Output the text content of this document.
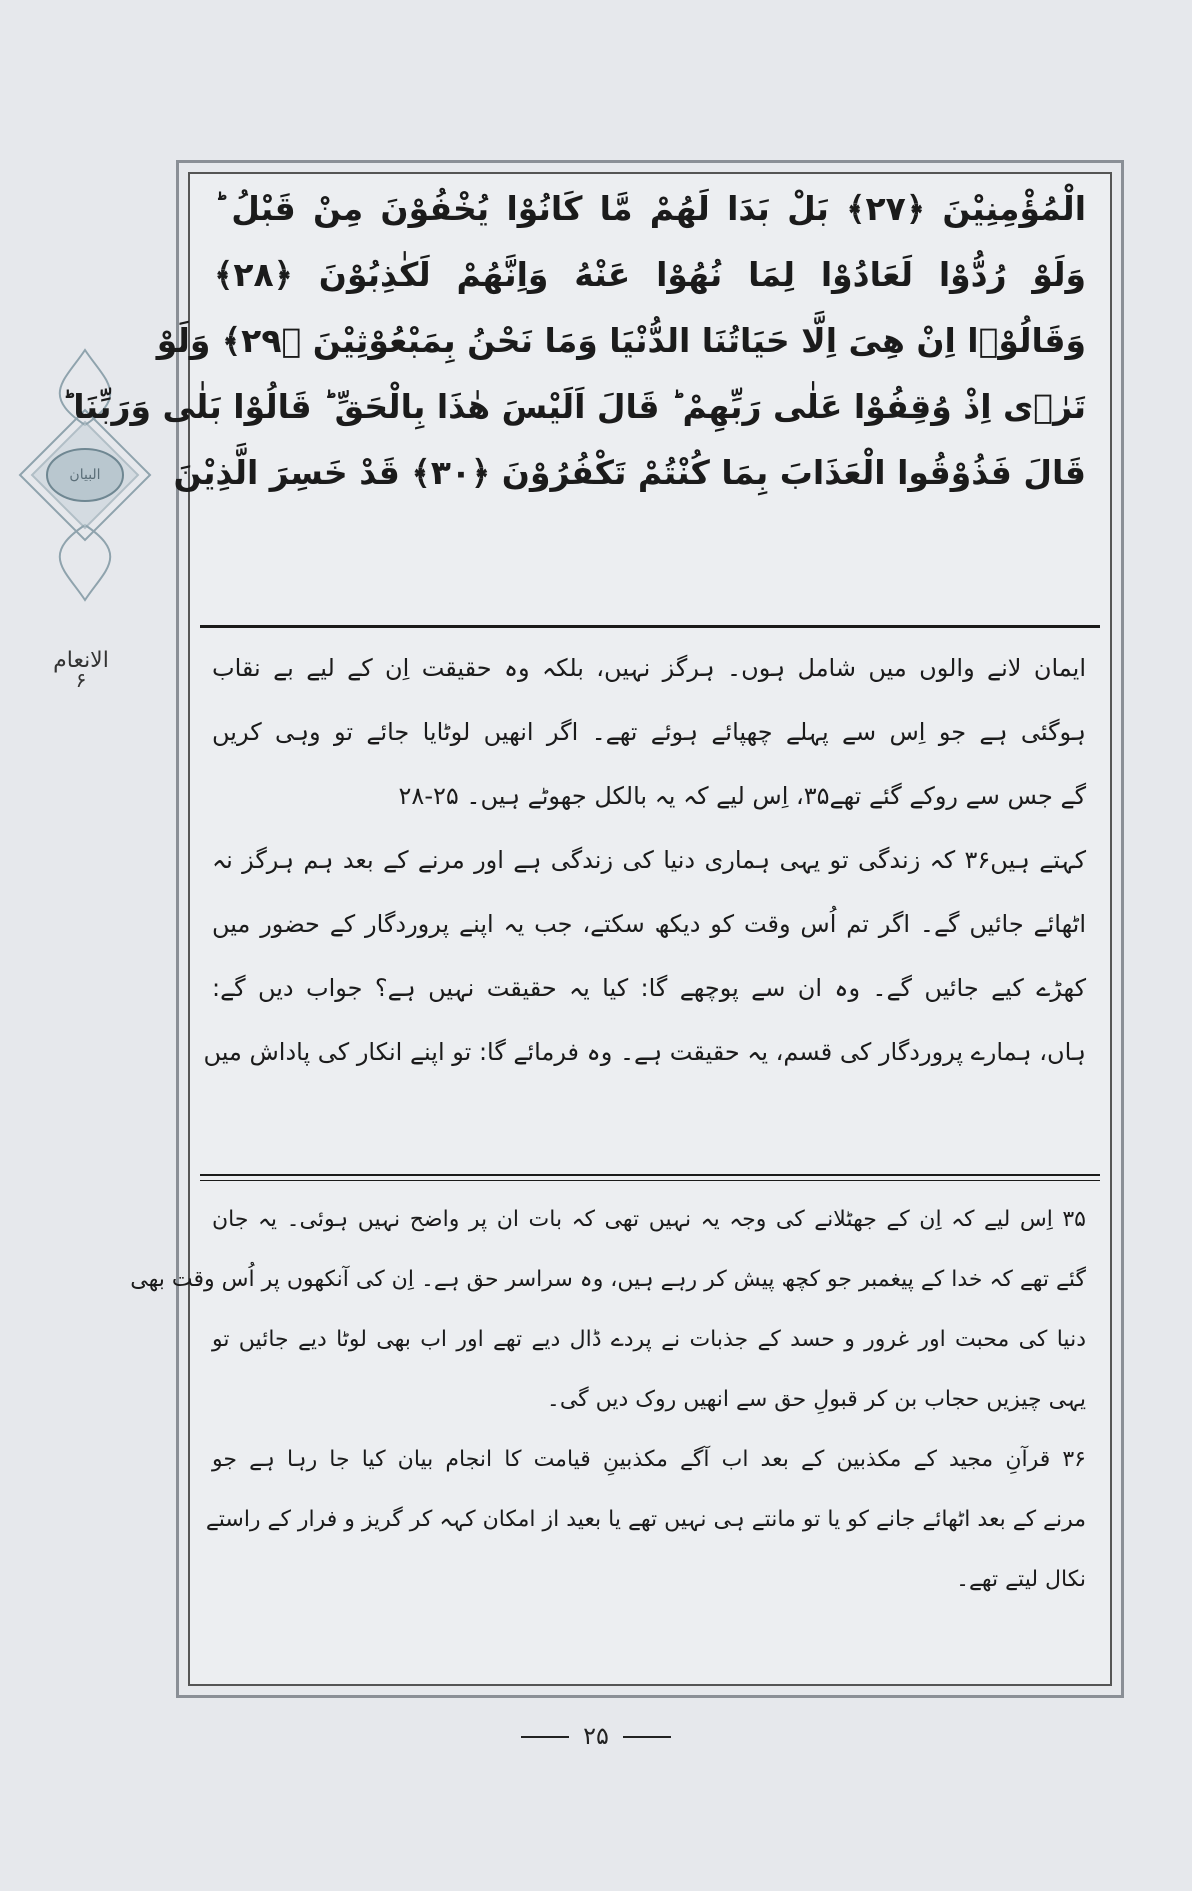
البیان
الانعام
۶
الْمُؤْمِنِیْنَ ﴿۲۷﴾ بَلْ بَدَا لَهُمْ مَّا كَانُوْا یُخْفُوْنَ مِنْ قَبْلُ ؕ
وَلَوْ رُدُّوْا لَعَادُوْا لِمَا نُهُوْا عَنْهُ وَاِنَّهُمْ لَكٰذِبُوْنَ ﴿۲۸﴾
وَقَالُوْۤا اِنْ هِیَ اِلَّا حَیَاتُنَا الدُّنْیَا وَمَا نَحْنُ بِمَبْعُوْثِیْنَ ﴿۲۹﴾ وَلَوْ
تَرٰۤی اِذْ وُقِفُوْا عَلٰی رَبِّهِمْ ؕ قَالَ اَلَیْسَ هٰذَا بِالْحَقِّ ؕ قَالُوْا بَلٰی وَرَبِّنَا ؕ
قَالَ فَذُوْقُوا الْعَذَابَ بِمَا كُنْتُمْ تَكْفُرُوْنَ ﴿۳۰﴾ قَدْ خَسِرَ الَّذِیْنَ
ایمان لانے والوں میں شامل ہوں۔ ہرگز نہیں، بلکہ وہ حقیقت اِن کے لیے بے نقاب
ہوگئی ہے جو اِس سے پہلے چھپائے ہوئے تھے۔ اگر انھیں لوٹایا جائے تو وہی کریں
گے جس سے روکے گئے تھے۳۵، اِس لیے کہ یہ بالکل جھوٹے ہیں۔ ۲۵-۲۸
کہتے ہیں۳۶ کہ زندگی تو یہی ہماری دنیا کی زندگی ہے اور مرنے کے بعد ہم ہرگز نہ
اٹھائے جائیں گے۔ اگر تم اُس وقت کو دیکھ سکتے، جب یہ اپنے پروردگار کے حضور میں
کھڑے کیے جائیں گے۔ وہ ان سے پوچھے گا: کیا یہ حقیقت نہیں ہے؟ جواب دیں گے:
ہاں، ہمارے پروردگار کی قسم، یہ حقیقت ہے۔ وہ فرمائے گا: تو اپنے انکار کی پاداش میں
۳۵ اِس لیے کہ اِن کے جھٹلانے کی وجہ یہ نہیں تھی کہ بات ان پر واضح نہیں ہوئی۔ یہ جان
گئے تھے کہ خدا کے پیغمبر جو کچھ پیش کر رہے ہیں، وہ سراسر حق ہے۔ اِن کی آنکھوں پر اُس وقت بھی
دنیا کی محبت اور غرور و حسد کے جذبات نے پردے ڈال دیے تھے اور اب بھی لوٹا دیے جائیں تو
یہی چیزیں حجاب بن کر قبولِ حق سے انھیں روک دیں گی۔
۳۶ قرآنِ مجید کے مکذبین کے بعد اب آگے مکذبینِ قیامت کا انجام بیان کیا جا رہا ہے جو
مرنے کے بعد اٹھائے جانے کو یا تو مانتے ہی نہیں تھے یا بعید از امکان کہہ کر گریز و فرار کے راستے
نکال لیتے تھے۔
۲۵
